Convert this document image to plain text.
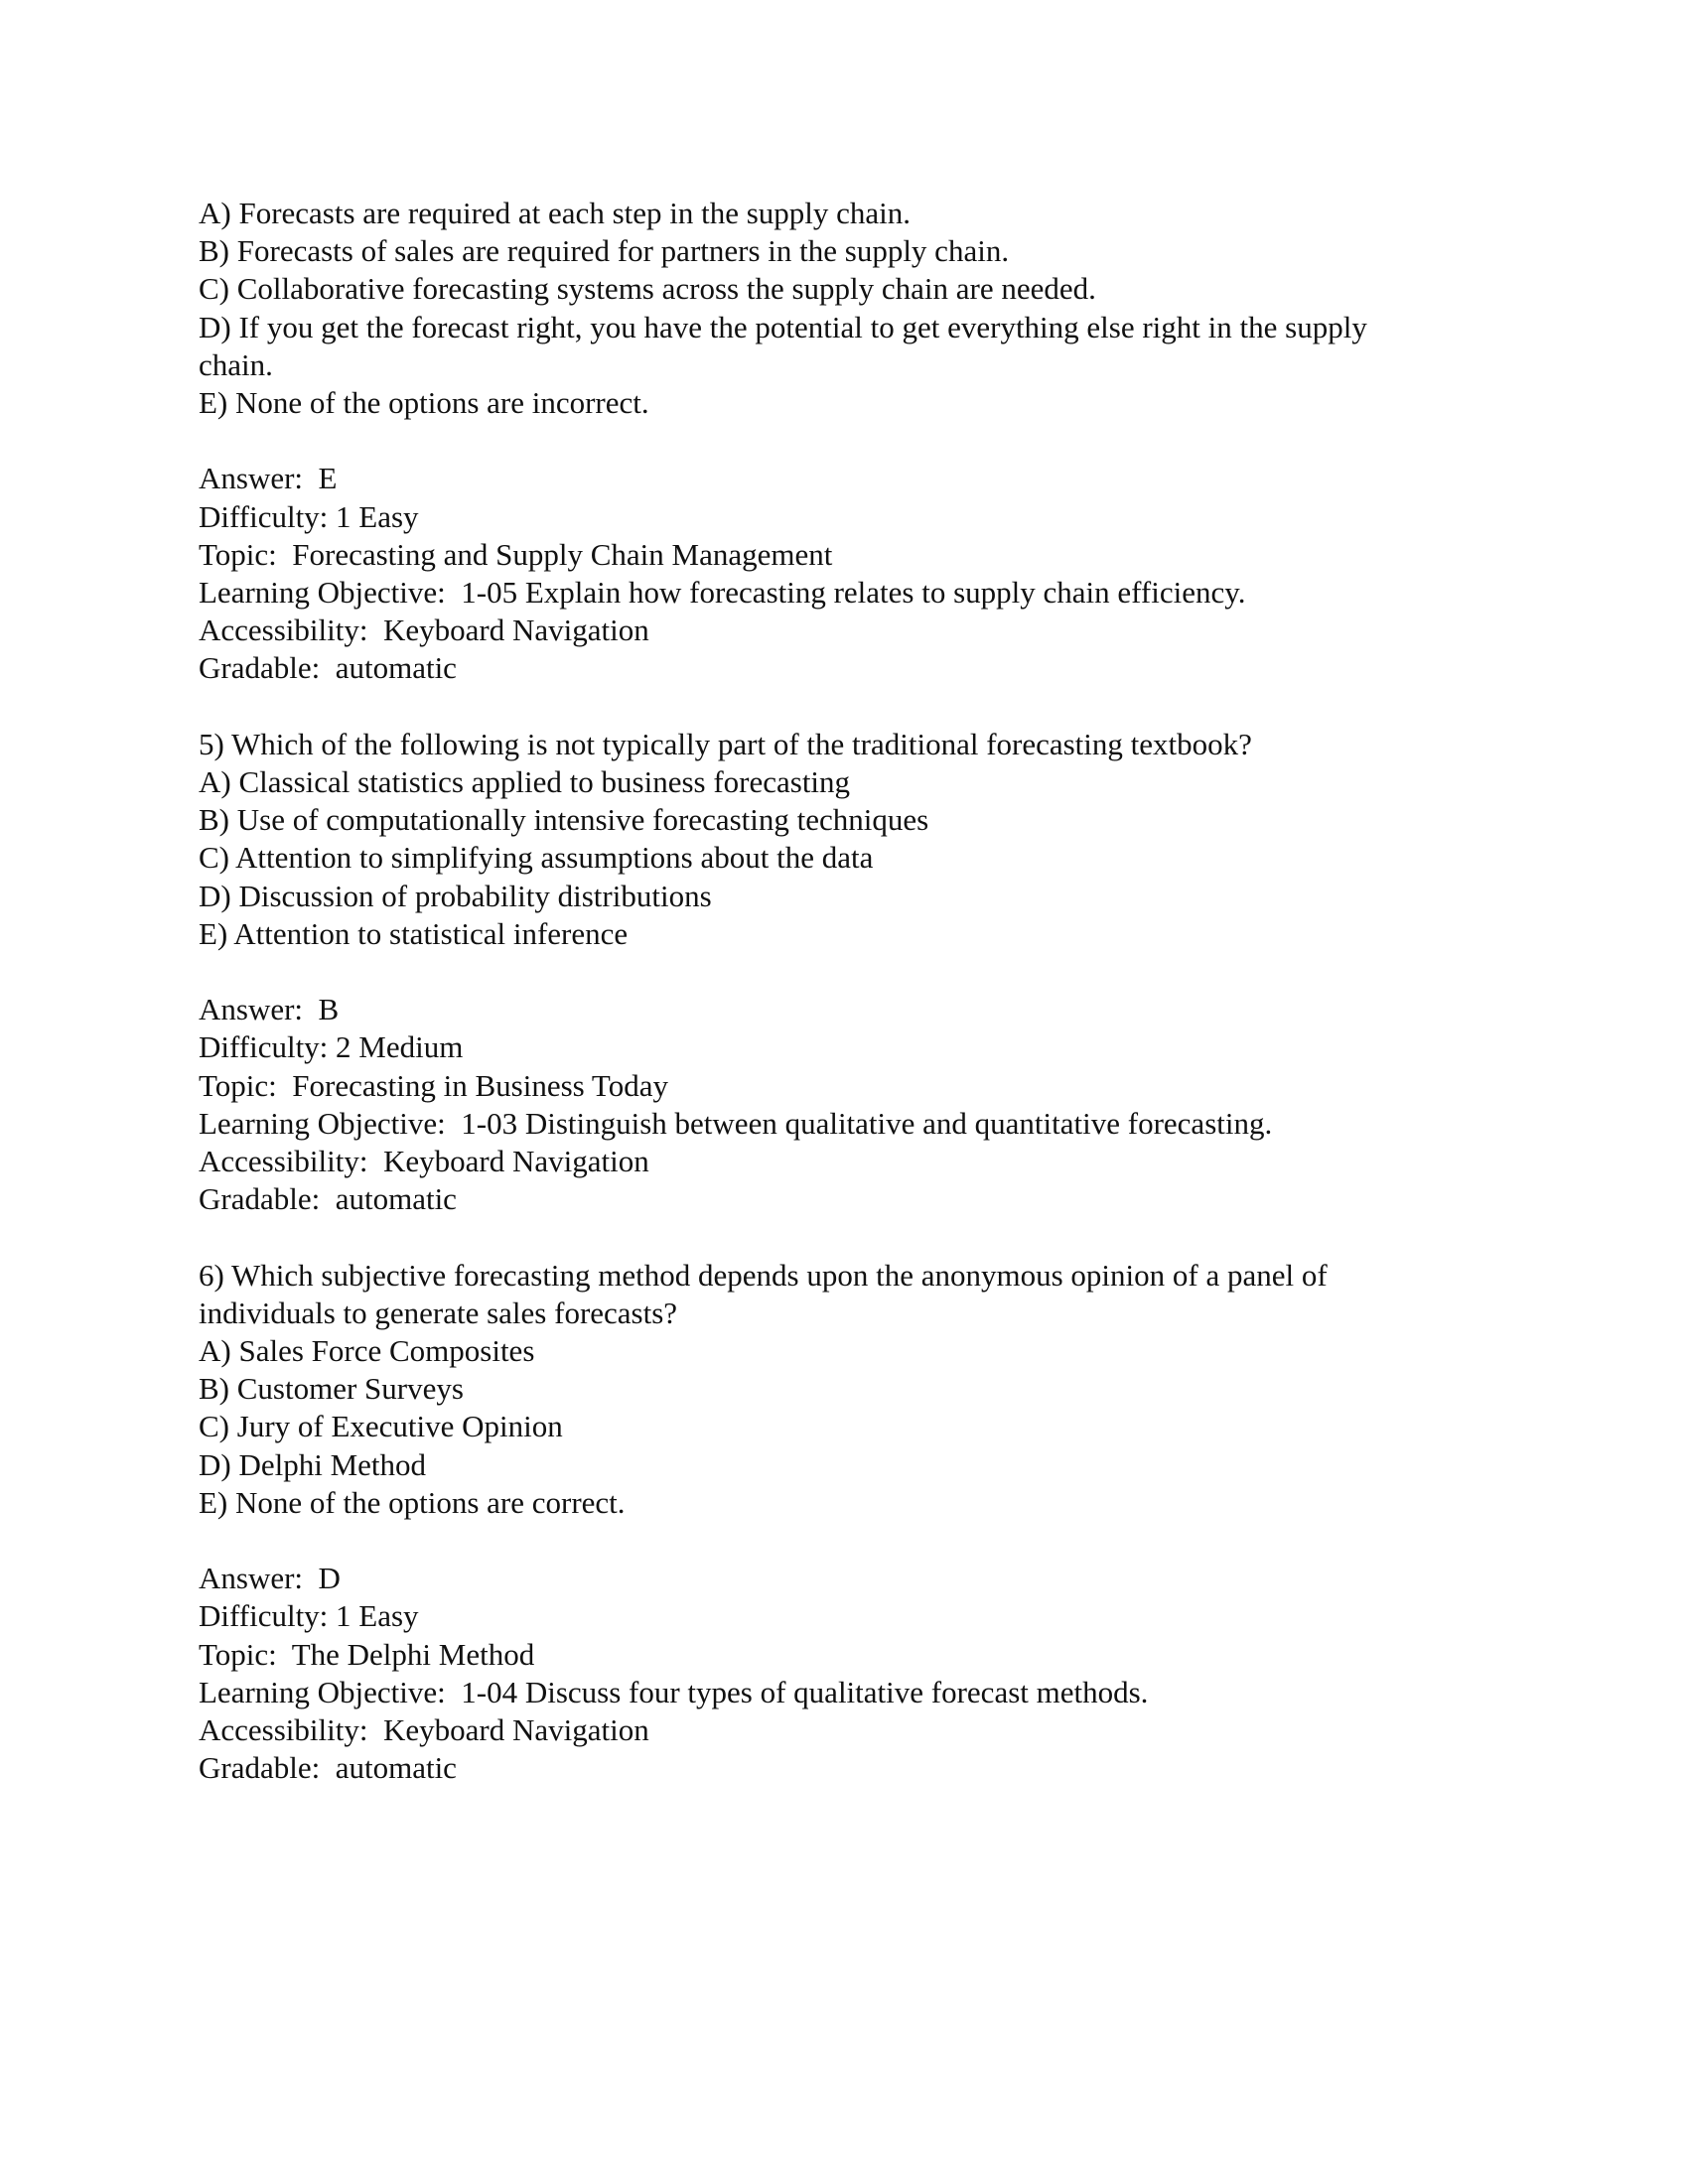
A) Forecasts are required at each step in the supply chain.

B) Forecasts of sales are required for partners in the supply chain.

C) Collaborative forecasting systems across the supply chain are needed.

D) If you get the forecast right, you have the potential to get everything else right in the supply

chain.

E) None of the options are incorrect.

Answer:  E

Difficulty: 1 Easy

Topic:  Forecasting and Supply Chain Management

Learning Objective:  1-05 Explain how forecasting relates to supply chain efficiency.

Accessibility:  Keyboard Navigation

Gradable:  automatic

5) Which of the following is not typically part of the traditional forecasting textbook?

A) Classical statistics applied to business forecasting

B) Use of computationally intensive forecasting techniques

C) Attention to simplifying assumptions about the data

D) Discussion of probability distributions

E) Attention to statistical inference

Answer:  B

Difficulty: 2 Medium

Topic:  Forecasting in Business Today

Learning Objective:  1-03 Distinguish between qualitative and quantitative forecasting.

Accessibility:  Keyboard Navigation

Gradable:  automatic

6) Which subjective forecasting method depends upon the anonymous opinion of a panel of

individuals to generate sales forecasts?

A) Sales Force Composites

B) Customer Surveys

C) Jury of Executive Opinion

D) Delphi Method

E) None of the options are correct.

Answer:  D

Difficulty: 1 Easy

Topic:  The Delphi Method

Learning Objective:  1-04 Discuss four types of qualitative forecast methods.

Accessibility:  Keyboard Navigation

Gradable:  automatic
